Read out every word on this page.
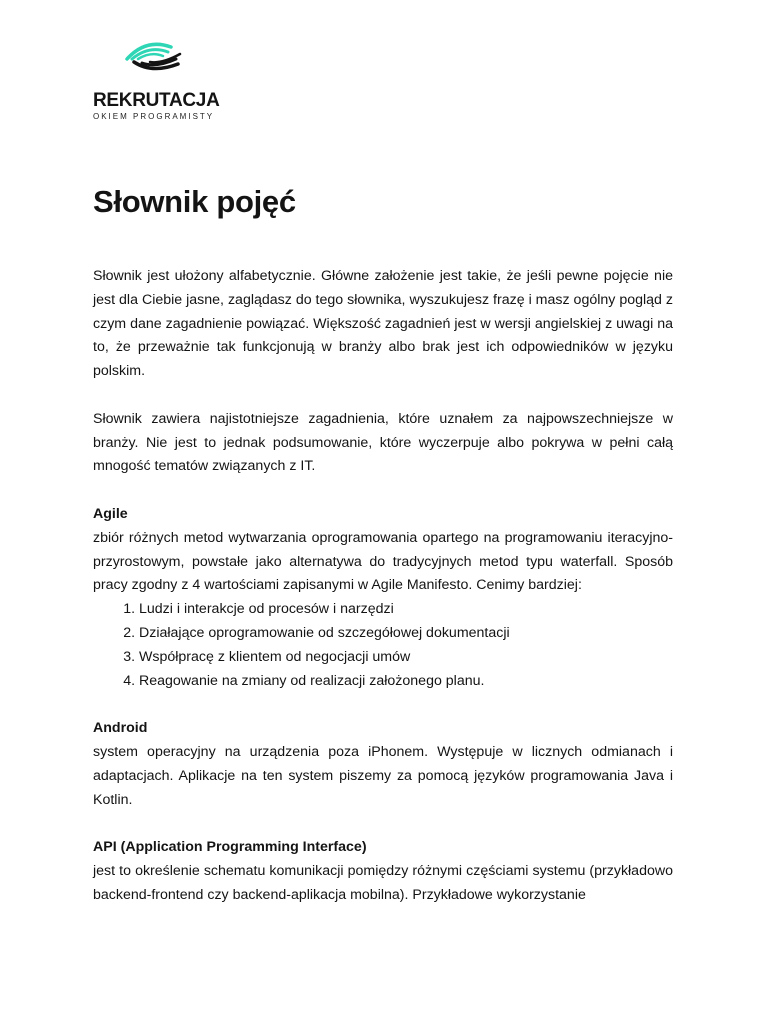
REKRUTACJA
OKIEM PROGRAMISTY
Słownik pojęć

Słownik jest ułożony alfabetycznie. Główne założenie jest takie, że jeśli pewne pojęcie nie jest dla Ciebie jasne, zaglądasz do tego słownika, wyszukujesz frazę i masz ogólny pogląd z czym dane zagadnienie powiązać. Większość zagadnień jest w wersji angielskiej z uwagi na to, że przeważnie tak funkcjonują w branży albo brak jest ich odpowiedników w języku polskim.

Słownik zawiera najistotniejsze zagadnienia, które uznałem za najpowszechniejsze w branży. Nie jest to jednak podsumowanie, które wyczerpuje albo pokrywa w pełni całą mnogość tematów związanych z IT.

Agile

zbiór różnych metod wytwarzania oprogramowania opartego na programowaniu iteracyjno-przyrostowym, powstałe jako alternatywa do tradycyjnych metod typu waterfall. Sposób pracy zgodny z 4 wartościami zapisanymi w Agile Manifesto. Cenimy bardziej:

1. Ludzi i interakcje od procesów i narzędzi
2. Działające oprogramowanie od szczegółowej dokumentacji
3. Współpracę z klientem od negocjacji umów
4. Reagowanie na zmiany od realizacji założonego planu.
Android

system operacyjny na urządzenia poza iPhonem. Występuje w licznych odmianach i adaptacjach. Aplikacje na ten system piszemy za pomocą języków programowania Java i Kotlin.

API (Application Programming Interface)

jest to określenie schematu komunikacji pomiędzy różnymi częściami systemu (przykładowo backend-frontend czy backend-aplikacja mobilna). Przykładowe wykorzystanie
